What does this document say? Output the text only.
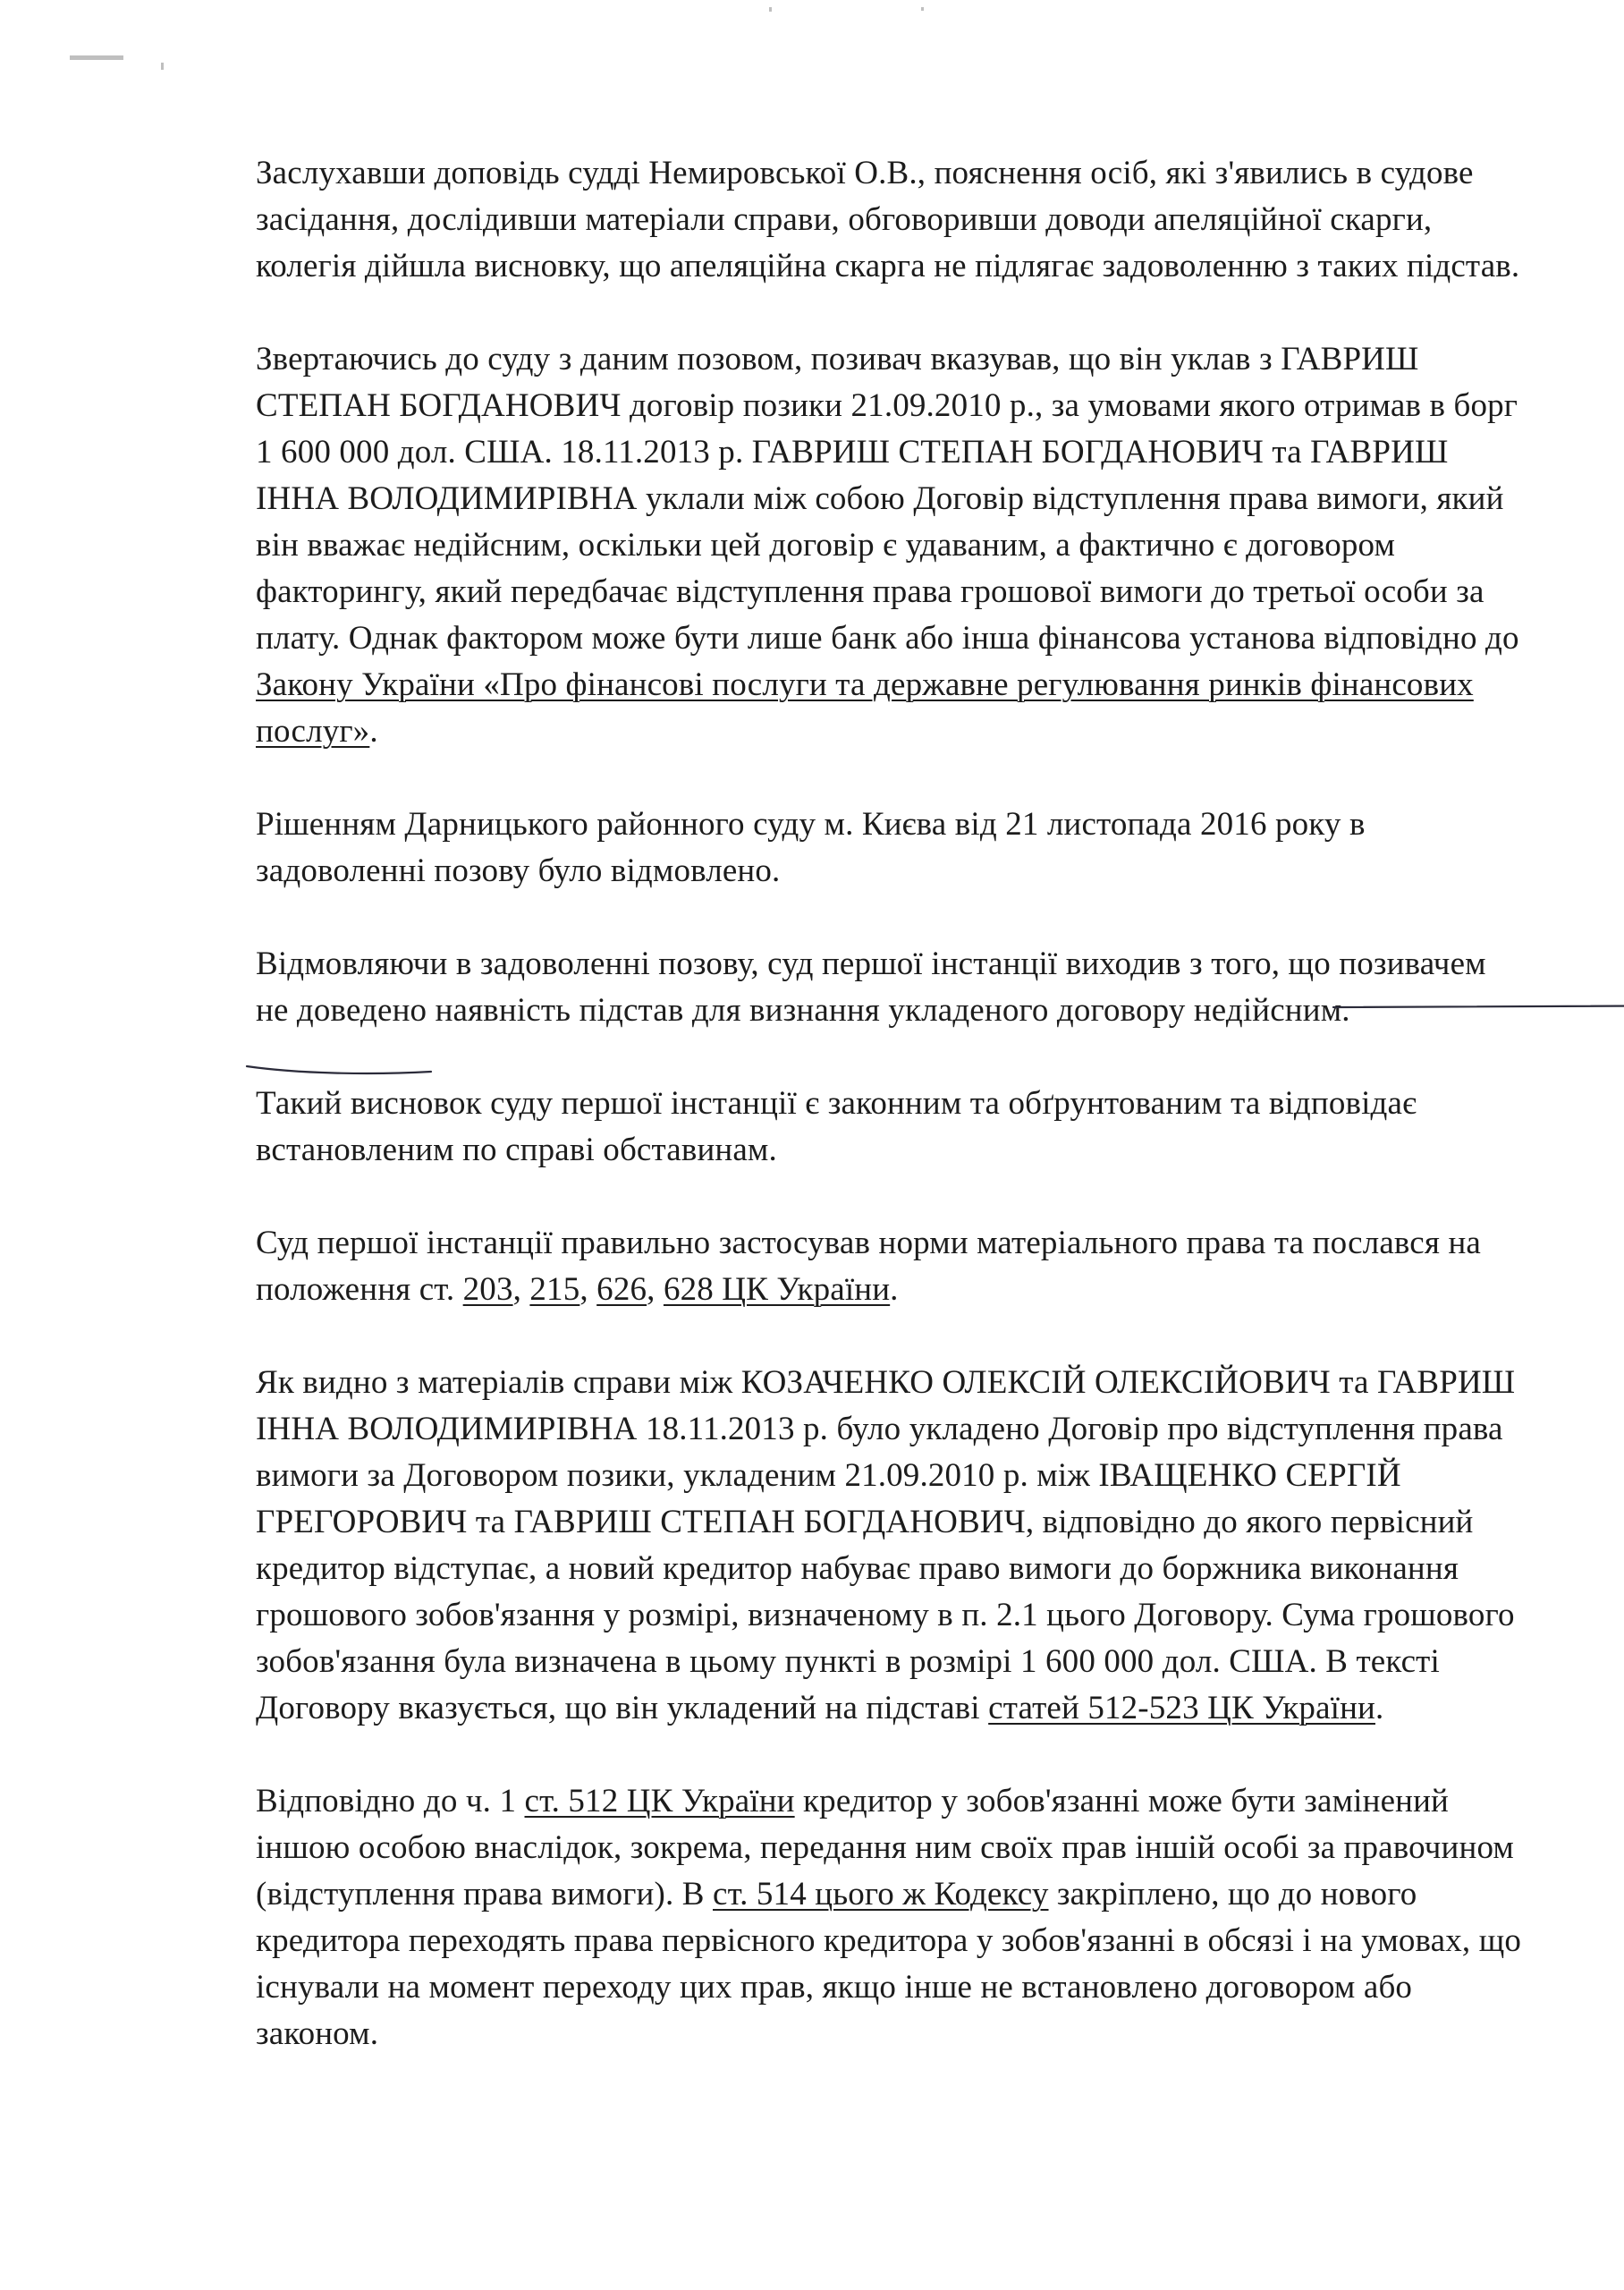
Заслухавши доповідь судді Немировської О.В., пояснення осіб, які з'явились в судове засідання, дослідивши матеріали справи, обговоривши доводи апеляційної скарги, колегія дійшла висновку, що апеляційна скарга не підлягає задоволенню з таких підстав.

Звертаючись до суду з даним позовом, позивач вказував, що він уклав з ГАВРИШ СТЕПАН БОГДАНОВИЧ договір позики 21.09.2010 р., за умовами якого отримав в борг 1 600 000 дол. США. 18.11.2013 р. ГАВРИШ СТЕПАН БОГДАНОВИЧ та ГАВРИШ ІННА ВОЛОДИМИРІВНА уклали між собою Договір відступлення права вимоги, який він вважає недійсним, оскільки цей договір є удаваним, а фактично є договором факторингу, який передбачає відступлення права грошової вимоги до третьої особи за плату. Однак фактором може бути лише банк або інша фінансова установа відповідно до Закону України «Про фінансові послуги та державне регулювання ринків фінансових послуг».

Рішенням Дарницького районного суду м. Києва від 21 листопада 2016 року в задоволенні позову було відмовлено.

Відмовляючи в задоволенні позову, суд першої інстанції виходив з того, що позивачем не доведено наявність підстав для визнання укладеного договору недійсним
.

Такий висновок суду першої інстанції є законним та обґрунтованим та відповідає встановленим по справі обставинам.

Суд першої інстанції правильно застосував норми матеріального права та послався на положення ст. 203, 215, 626, 628 ЦК України.

Як видно з матеріалів справи між КОЗАЧЕНКО ОЛЕКСІЙ ОЛЕКСІЙОВИЧ та ГАВРИШ ІННА ВОЛОДИМИРІВНА 18.11.2013 р. було укладено Договір про відступлення права вимоги за Договором позики, укладеним 21.09.2010 р. між ІВАЩЕНКО СЕРГІЙ ГРЕГОРОВИЧ та ГАВРИШ СТЕПАН БОГДАНОВИЧ, відповідно до якого первісний кредитор відступає, а новий кредитор набуває право вимоги до боржника виконання грошового зобов'язання у розмірі, визначеному в п. 2.1 цього Договору. Сума грошового зобов'язання була визначена в цьому пункті в розмірі 1 600 000 дол. США. В тексті Договору вказується, що він укладений на підставі статей 512-523 ЦК України.

Відповідно до ч. 1 ст. 512 ЦК України кредитор у зобов'язанні може бути замінений іншою особою внаслідок, зокрема, передання ним своїх прав іншій особі за правочином (відступлення права вимоги). В ст. 514 цього ж Кодексу закріплено, що до нового кредитора переходять права первісного кредитора у зобов'язанні в обсязі і на умовах, що існували на момент переходу цих прав, якщо інше не встановлено договором або законом.
